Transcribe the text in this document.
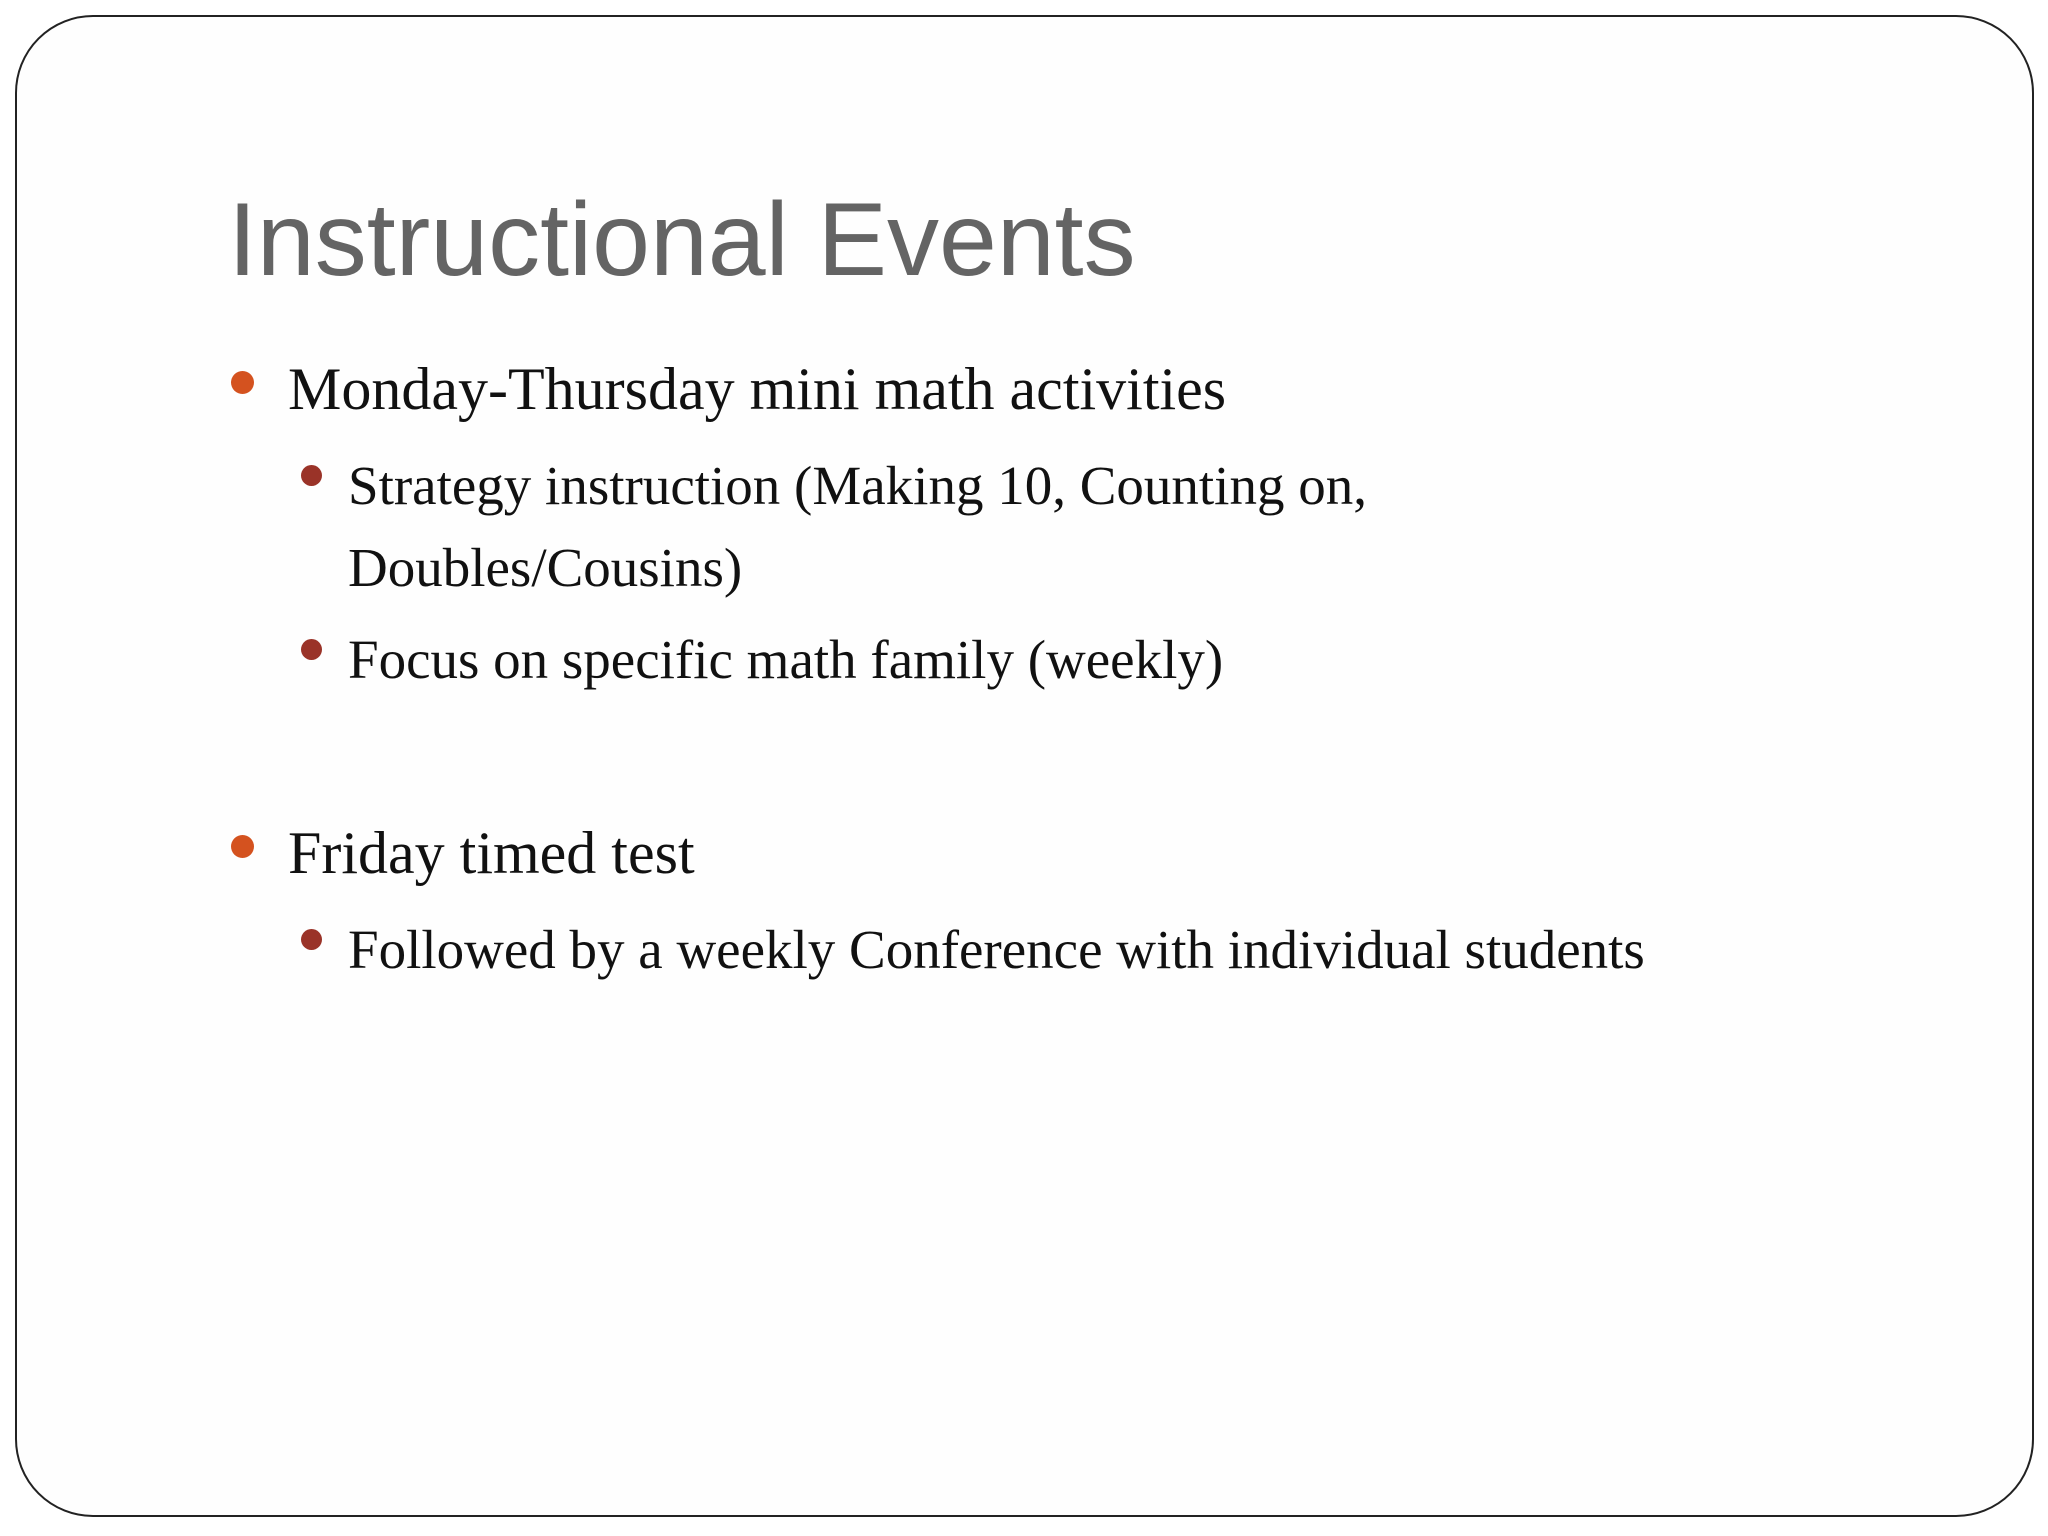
Instructional Events
Monday-Thursday mini math activities
Strategy instruction (Making 10, Counting on,
Doubles/Cousins)
Focus on specific math family (weekly)
Friday timed test
Followed by a weekly Conference with individual students
